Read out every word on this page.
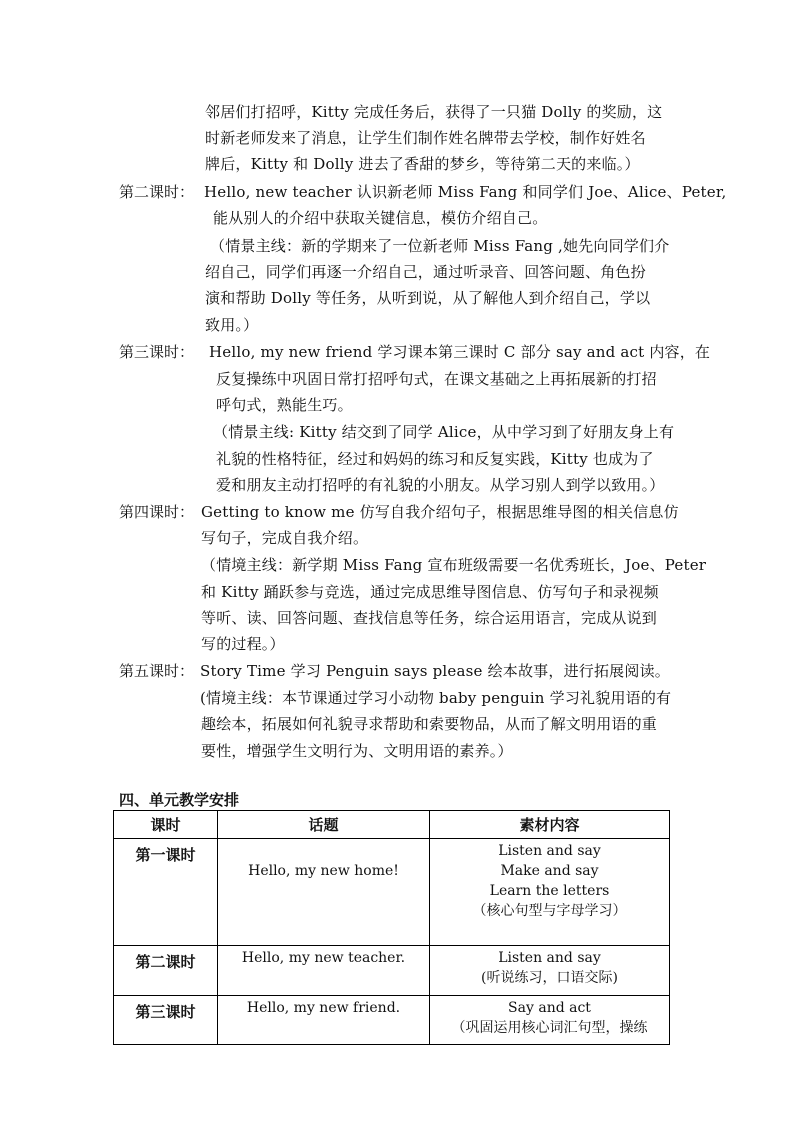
邻居们打招呼，Kitty 完成任务后，获得了一只猫 Dolly 的奖励，这
时新老师发来了消息，让学生们制作姓名牌带去学校，制作好姓名
牌后，Kitty 和 Dolly 进去了香甜的梦乡，等待第二天的来临。）
第二课时： Hello, new teacher 认识新老师 Miss Fang 和同学们 Joe、Alice、Peter,
能从别人的介绍中获取关键信息，模仿介绍自己。
（情景主线：新的学期来了一位新老师 Miss Fang ,她先向同学们介
绍自己，同学们再逐一介绍自己，通过听录音、回答问题、角色扮
演和帮助 Dolly 等任务，从听到说，从了解他人到介绍自己，学以
致用。）
第三课时： Hello, my new friend 学习课本第三课时 C 部分 say and act 内容，在
反复操练中巩固日常打招呼句式，在课文基础之上再拓展新的打招
呼句式，熟能生巧。
（情景主线: Kitty 结交到了同学 Alice，从中学习到了好朋友身上有
礼貌的性格特征，经过和妈妈的练习和反复实践，Kitty 也成为了
爱和朋友主动打招呼的有礼貌的小朋友。从学习别人到学以致用。）
第四课时： Getting to know me 仿写自我介绍句子，根据思维导图的相关信息仿
写句子，完成自我介绍。
（情境主线：新学期 Miss Fang 宣布班级需要一名优秀班长，Joe、Peter
和 Kitty 踊跃参与竞选，通过完成思维导图信息、仿写句子和录视频
等听、读、回答问题、查找信息等任务，综合运用语言，完成从说到
写的过程。）
第五课时： Story Time 学习 Penguin says please 绘本故事，进行拓展阅读。
(情境主线：本节课通过学习小动物 baby penguin 学习礼貌用语的有
趣绘本，拓展如何礼貌寻求帮助和索要物品，从而了解文明用语的重
要性，增强学生文明行为、文明用语的素养。）
四、单元教学安排
课时	话题	素材内容
第一课时	Hello, my new home!	Listen and say
Make and say
Learn the letters
（核心句型与字母学习）

第二课时	Hello, my new teacher.	Listen and say
(听说练习，口语交际)

第三课时	Hello, my new friend.	Say and act
（巩固运用核心词汇句型，操练
